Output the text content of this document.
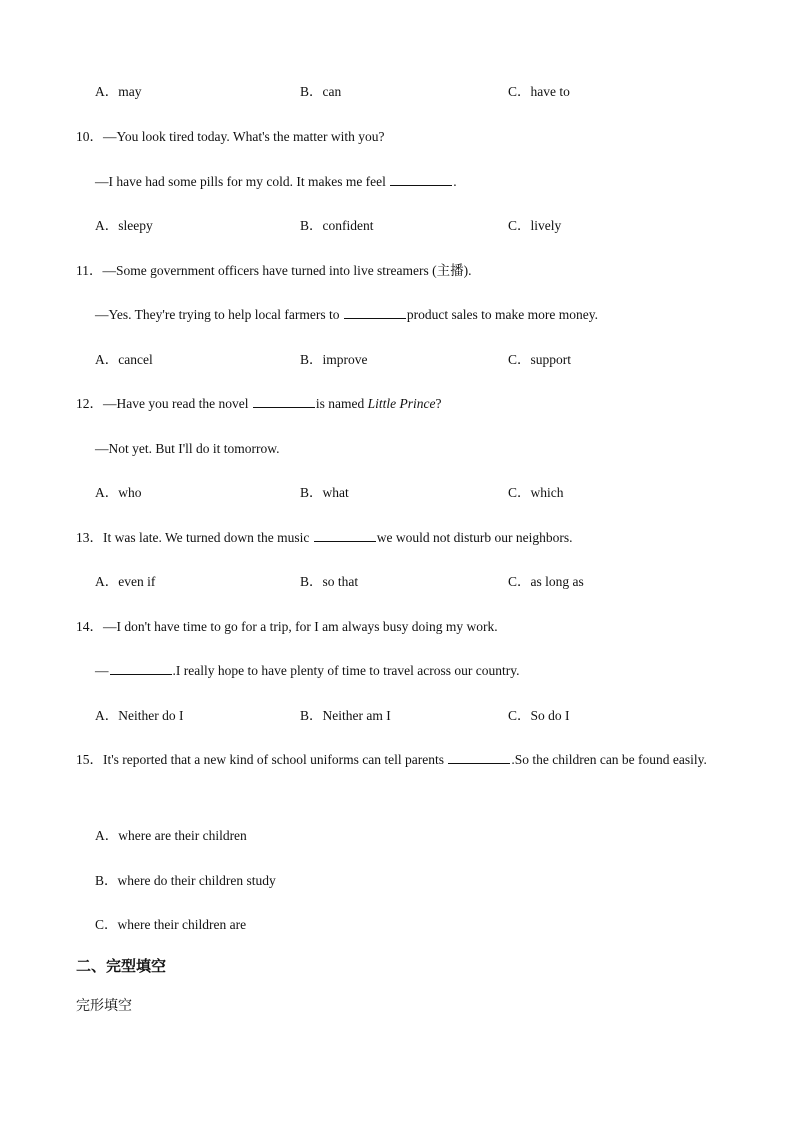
A．may	B．can	C．have to
10．—You look tired today. What's the matter with you?
—I have had some pills for my cold. It makes me feel	.
A．sleepy	B．confident	C．lively
11．—Some government officers have turned into live streamers (主播).
—Yes. They're trying to help local farmers to	product sales to make more money.
A．cancel	B．improve	C．support
12．—Have you read the novel	is named Little Prince?
—Not yet. But I'll do it tomorrow.
A．who	B．what	C．which
13．It was late. We turned down the music	we would not disturb our neighbors.
A．even if	B．so that	C．as long as
14．—I don't have time to go for a trip, for I am always busy doing my work.
—	.I really hope to have plenty of time to travel across our country.
A．Neither do I	B．Neither am I	C．So do I
15．It's reported that a new kind of school uniforms can tell parents	.So the children can be found easily.
A．where are their children
B．where do their children study
C．where their children are
二、完型填空
完形填空
